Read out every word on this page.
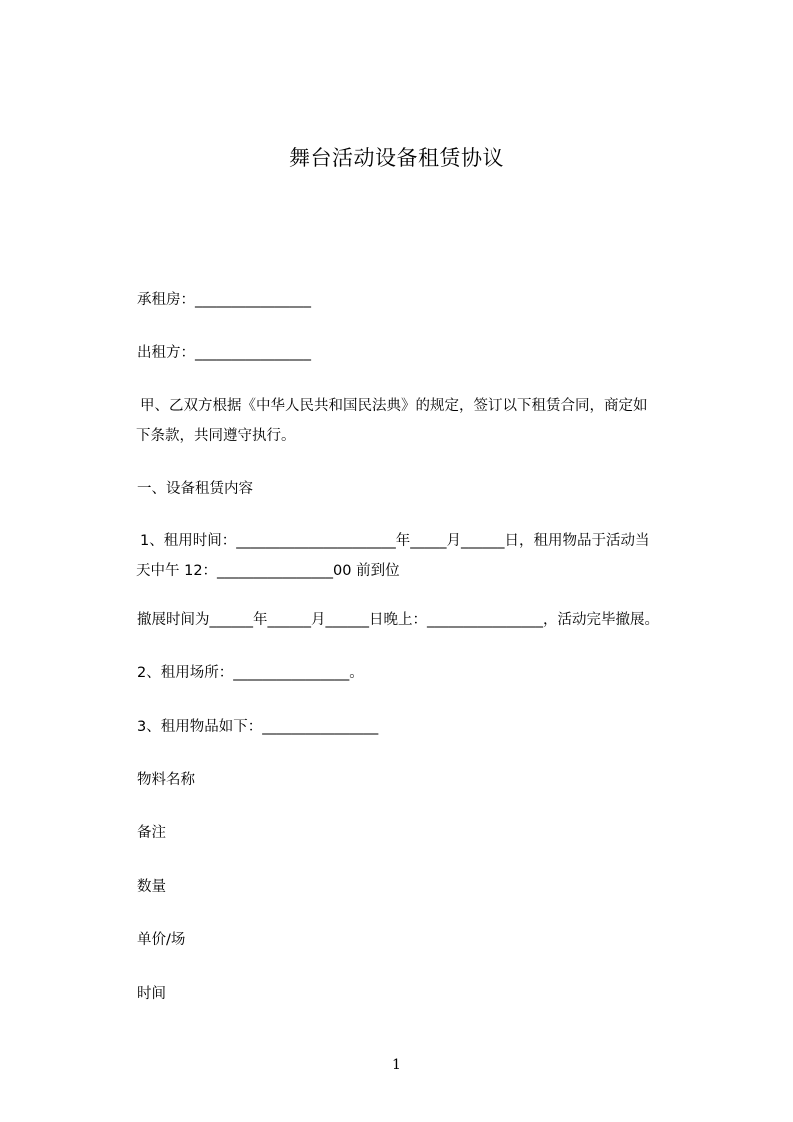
舞台活动设备租赁协议
承租房：________________
出租方：________________
甲、乙双方根据《中华人民共和国民法典》的规定，签订以下租赁合同，商定如
下条款，共同遵守执行。
一、设备租赁内容
1、租用时间：______________________年_____月______日，租用物品于活动当
天中午 12：________________00 前到位
撤展时间为______年______月______日晚上：________________，活动完毕撤展。
2、租用场所：________________。
3、租用物品如下：________________
物料名称
备注
数量
单价/场
时间
1
